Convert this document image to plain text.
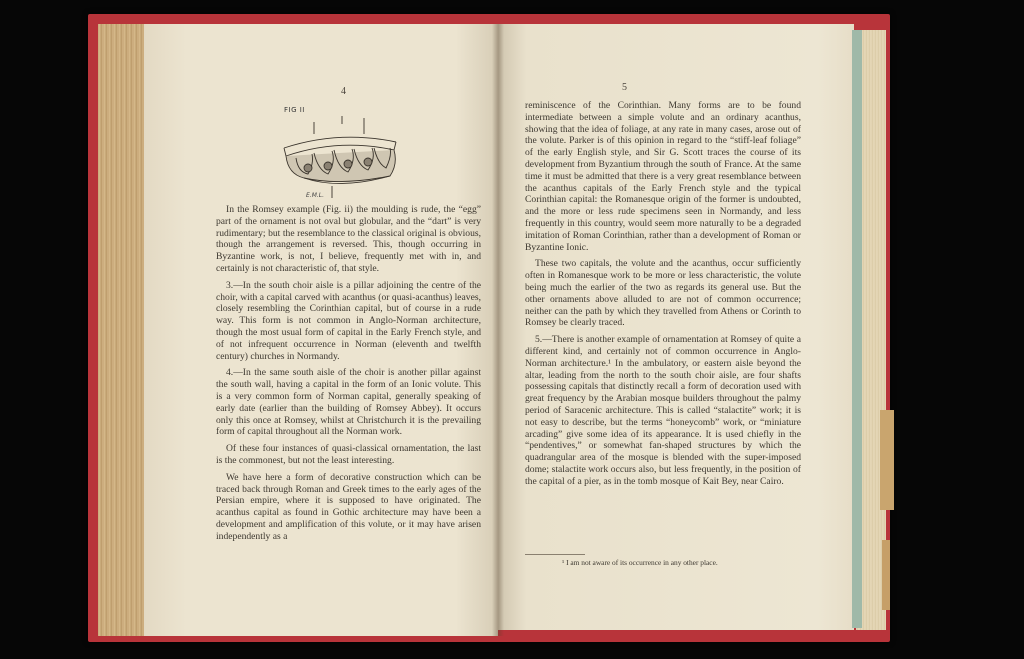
4
FIG II
E.M.L.

In the Romsey example (Fig. ii) the moulding is rude, the “egg” part of the ornament is not oval but globular, and the “dart” is very rudimentary; but the resemblance to the classical original is obvious, though the arrangement is reversed. This, though occurring in Byzantine work, is not, I believe, frequently met with in, and certainly is not characteristic of, that style.

3.—In the south choir aisle is a pillar adjoining the centre of the choir, with a capital carved with acanthus (or quasi-acanthus) leaves, closely resembling the Corinthian capital, but of course in a rude way. This form is not common in Anglo-Norman architecture, though the most usual form of capital in the Early French style, and of not infrequent occurrence in Norman (eleventh and twelfth century) churches in Normandy.

4.—In the same south aisle of the choir is another pillar against the south wall, having a capital in the form of an Ionic volute. This is a very common form of Norman capital, generally speaking of early date (earlier than the building of Romsey Abbey). It occurs only this once at Romsey, whilst at Christchurch it is the prevailing form of capital throughout all the Norman work.

Of these four instances of quasi-classical ornamentation, the last is the commonest, but not the least interesting.

We have here a form of decorative construction which can be traced back through Roman and Greek times to the early ages of the Persian empire, where it is supposed to have originated. The acanthus capital as found in Gothic architecture may have been a development and amplification of this volute, or it may have arisen independently as a

5

reminiscence of the Corinthian. Many forms are to be found intermediate between a simple volute and an ordinary acanthus, showing that the idea of foliage, at any rate in many cases, arose out of the volute. Parker is of this opinion in regard to the “stiff-leaf foliage” of the early English style, and Sir G. Scott traces the course of its development from Byzantium through the south of France. At the same time it must be admitted that there is a very great resemblance between the acanthus capitals of the Early French style and the typical Corinthian capital: the Romanesque origin of the former is undoubted, and the more or less rude specimens seen in Normandy, and less frequently in this country, would seem more naturally to be a degraded imitation of Roman Corinthian, rather than a development of Roman or Byzantine Ionic.

These two capitals, the volute and the acanthus, occur sufficiently often in Romanesque work to be more or less characteristic, the volute being much the earlier of the two as regards its general use. But the other ornaments above alluded to are not of common occurrence; neither can the path by which they travelled from Athens or Corinth to Romsey be clearly traced.

5.—There is another example of ornamentation at Romsey of quite a different kind, and certainly not of common occurrence in Anglo-Norman architecture.¹ In the ambulatory, or eastern aisle beyond the altar, leading from the north to the south choir aisle, are four shafts possessing capitals that distinctly recall a form of decoration used with great frequency by the Arabian mosque builders throughout the palmy period of Saracenic architecture. This is called “stalactite” work; it is not easy to describe, but the terms “honeycomb” work, or “miniature arcading” give some idea of its appearance. It is used chiefly in the “pendentives,” or somewhat fan-shaped structures by which the quadrangular area of the mosque is blended with the super-imposed dome; stalactite work occurs also, but less frequently, in the position of the capital of a pier, as in the tomb mosque of Kait Bey, near Cairo.

¹ I am not aware of its occurrence in any other place.
